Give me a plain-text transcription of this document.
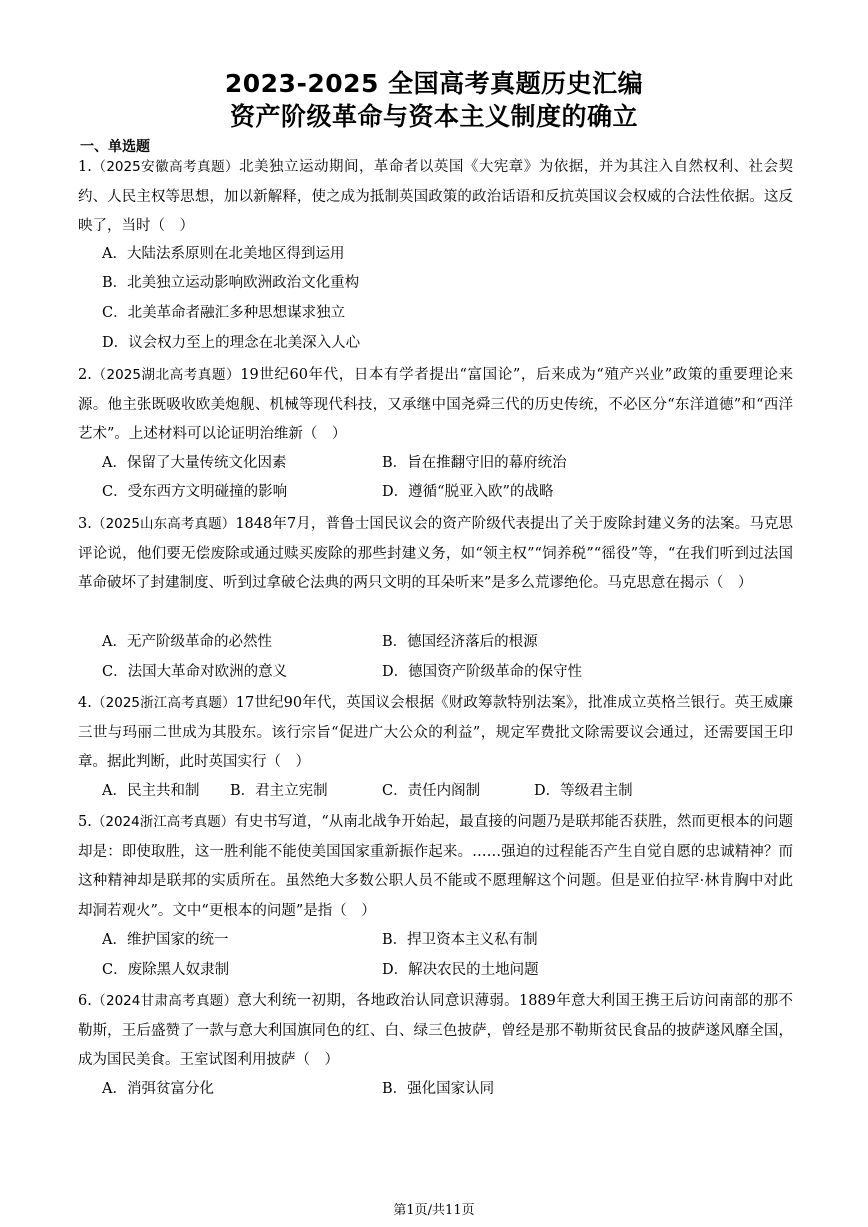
2023-2025 全国高考真题历史汇编
资产阶级革命与资本主义制度的确立
一、单选题
1.（2025安徽高考真题）北美独立运动期间，革命者以英国《大宪章》为依据，并为其注入自然权利、社会契约、人民主权等思想，加以新解释，使之成为抵制英国政策的政治话语和反抗英国议会权威的合法性依据。这反映了，当时（　）
A．大陆法系原则在北美地区得到运用
B．北美独立运动影响欧洲政治文化重构
C．北美革命者融汇多种思想谋求独立
D．议会权力至上的理念在北美深入人心
2.（2025湖北高考真题）19世纪60年代，日本有学者提出“富国论”，后来成为“殖产兴业”政策的重要理论来源。他主张既吸收欧美炮舰、机械等现代科技，又承继中国尧舜三代的历史传统，不必区分“东洋道德”和“西洋艺术”。上述材料可以论证明治维新（　）
A．保留了大量传统文化因素	B．旨在推翻守旧的幕府统治
C．受东西方文明碰撞的影响	D．遵循“脱亚入欧”的战略
3.（2025山东高考真题）1848年7月，普鲁士国民议会的资产阶级代表提出了关于废除封建义务的法案。马克思评论说，他们要无偿废除或通过赎买废除的那些封建义务，如“领主权”“饲养税”“徭役”等，“在我们听到过法国革命破坏了封建制度、听到过拿破仑法典的两只文明的耳朵听来”是多么荒谬绝伦。马克思意在揭示（　）
A．无产阶级革命的必然性	B．德国经济落后的根源
C．法国大革命对欧洲的意义	D．德国资产阶级革命的保守性
4.（2025浙江高考真题）17世纪90年代，英国议会根据《财政筹款特别法案》，批准成立英格兰银行。英王威廉三世与玛丽二世成为其股东。该行宗旨“促进广大公众的利益”，规定军费批文除需要议会通过，还需要国王印章。据此判断，此时英国实行（　）
A．民主共和制 B．君主立宪制	C．责任内阁制	D．等级君主制
5.（2024浙江高考真题）有史书写道，“从南北战争开始起，最直接的问题乃是联邦能否获胜，然而更根本的问题却是：即使取胜，这一胜利能不能使美国国家重新振作起来。……强迫的过程能否产生自觉自愿的忠诚精神？而这种精神却是联邦的实质所在。虽然绝大多数公职人员不能或不愿理解这个问题。但是亚伯拉罕·林肯胸中对此却洞若观火”。文中“更根本的问题”是指（　）
A．维护国家的统一	B．捍卫资本主义私有制
C．废除黑人奴隶制	D．解决农民的土地问题
6.（2024甘肃高考真题）意大利统一初期，各地政治认同意识薄弱。1889年意大利国王携王后访问南部的那不勒斯，王后盛赞了一款与意大利国旗同色的红、白、绿三色披萨，曾经是那不勒斯贫民食品的披萨遂风靡全国，成为国民美食。王室试图利用披萨（　）
A．消弭贫富分化	B．强化国家认同
第1页/共11页
